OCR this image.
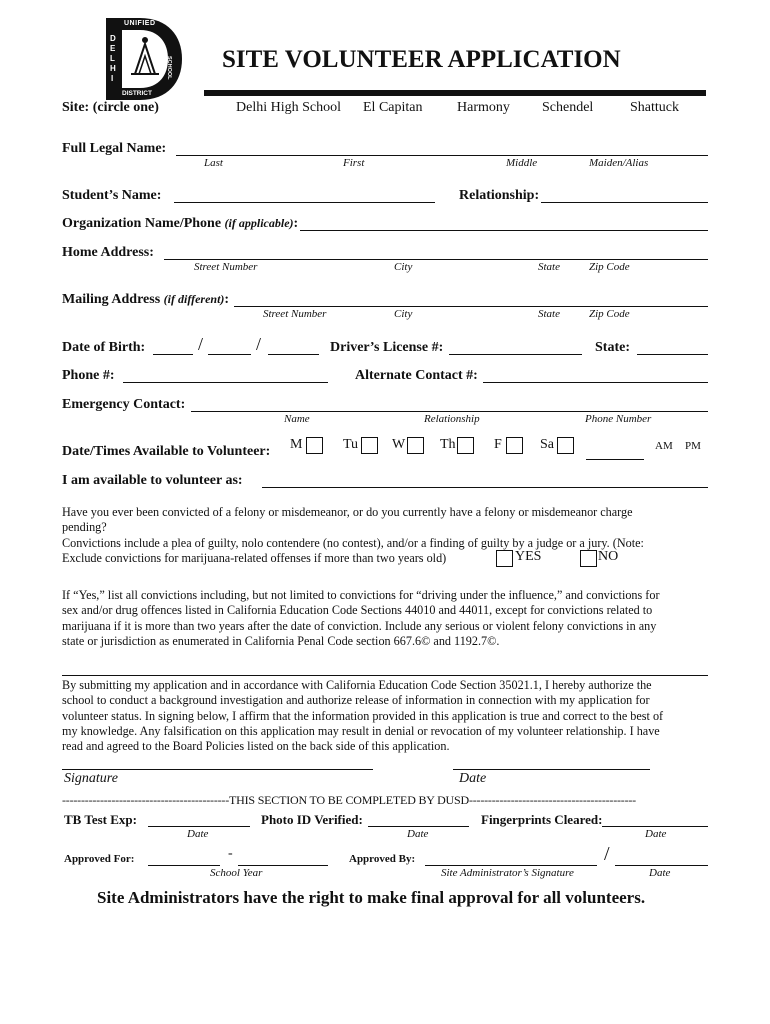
UNIFIED
D
E
L
H
I
DISTRICT
SCHOOL SITE VOLUNTEER APPLICATION
Site: (circle one)	Delhi High School El Capitan Harmony Schendel	Shattuck
Full Legal Name:
Last	First	Middle	Maiden/Alias
Student’s Name:	Relationship:
Organization Name/Phone (if applicable):
Home Address:
Street Number	City	State	Zip Code
Mailing Address (if different):
Street Number	City	State	Zip Code
Date of Birth:	/	/	Driver’s License #:	State:
Phone #:	Alternate Contact #:
Emergency Contact:
Name	Relationship	Phone Number
Date/Times Available to Volunteer: M	Tu W Th	F	Sa	AM PM
I am available to volunteer as:
Have you ever been convicted of a felony or misdemeanor, or do you currently have a felony or misdemeanor charge
pending?
Convictions include a plea of guilty, nolo contendere (no contest), and/or a finding of guilty by a judge or a jury. (Note:
Exclude convictions for marijuana-related offenses if more than two years old)	YES	NO
If “Yes,” list all convictions including, but not limited to convictions for “driving under the influence,” and convictions for
sex and/or drug offences listed in California Education Code Sections 44010 and 44011, except for convictions related to
marijuana if it is more than two years after the date of conviction. Include any serious or violent felony convictions in any
state or jurisdiction as enumerated in California Penal Code section 667.6© and 1192.7©.
By submitting my application and in accordance with California Education Code Section 35021.1, I hereby authorize the
school to conduct a background investigation and authorize release of information in connection with my application for
volunteer status. In signing below, I affirm that the information provided in this application is true and correct to the best of
my knowledge. Any falsification on this application may result in denial or revocation of my volunteer relationship. I have
read and agreed to the Board Policies listed on the back side of this application.
Signature	Date
--------------------------------------------THIS SECTION TO BE COMPLETED BY DUSD--------------------------------------------
TB Test Exp:
Date
Photo ID Verified:
Date
Fingerprints Cleared:
Date
Approved For:	-
School Year
Approved By:
Site Administrator’s Signature
/
Date
Site Administrators have the right to make final approval for all volunteers.
